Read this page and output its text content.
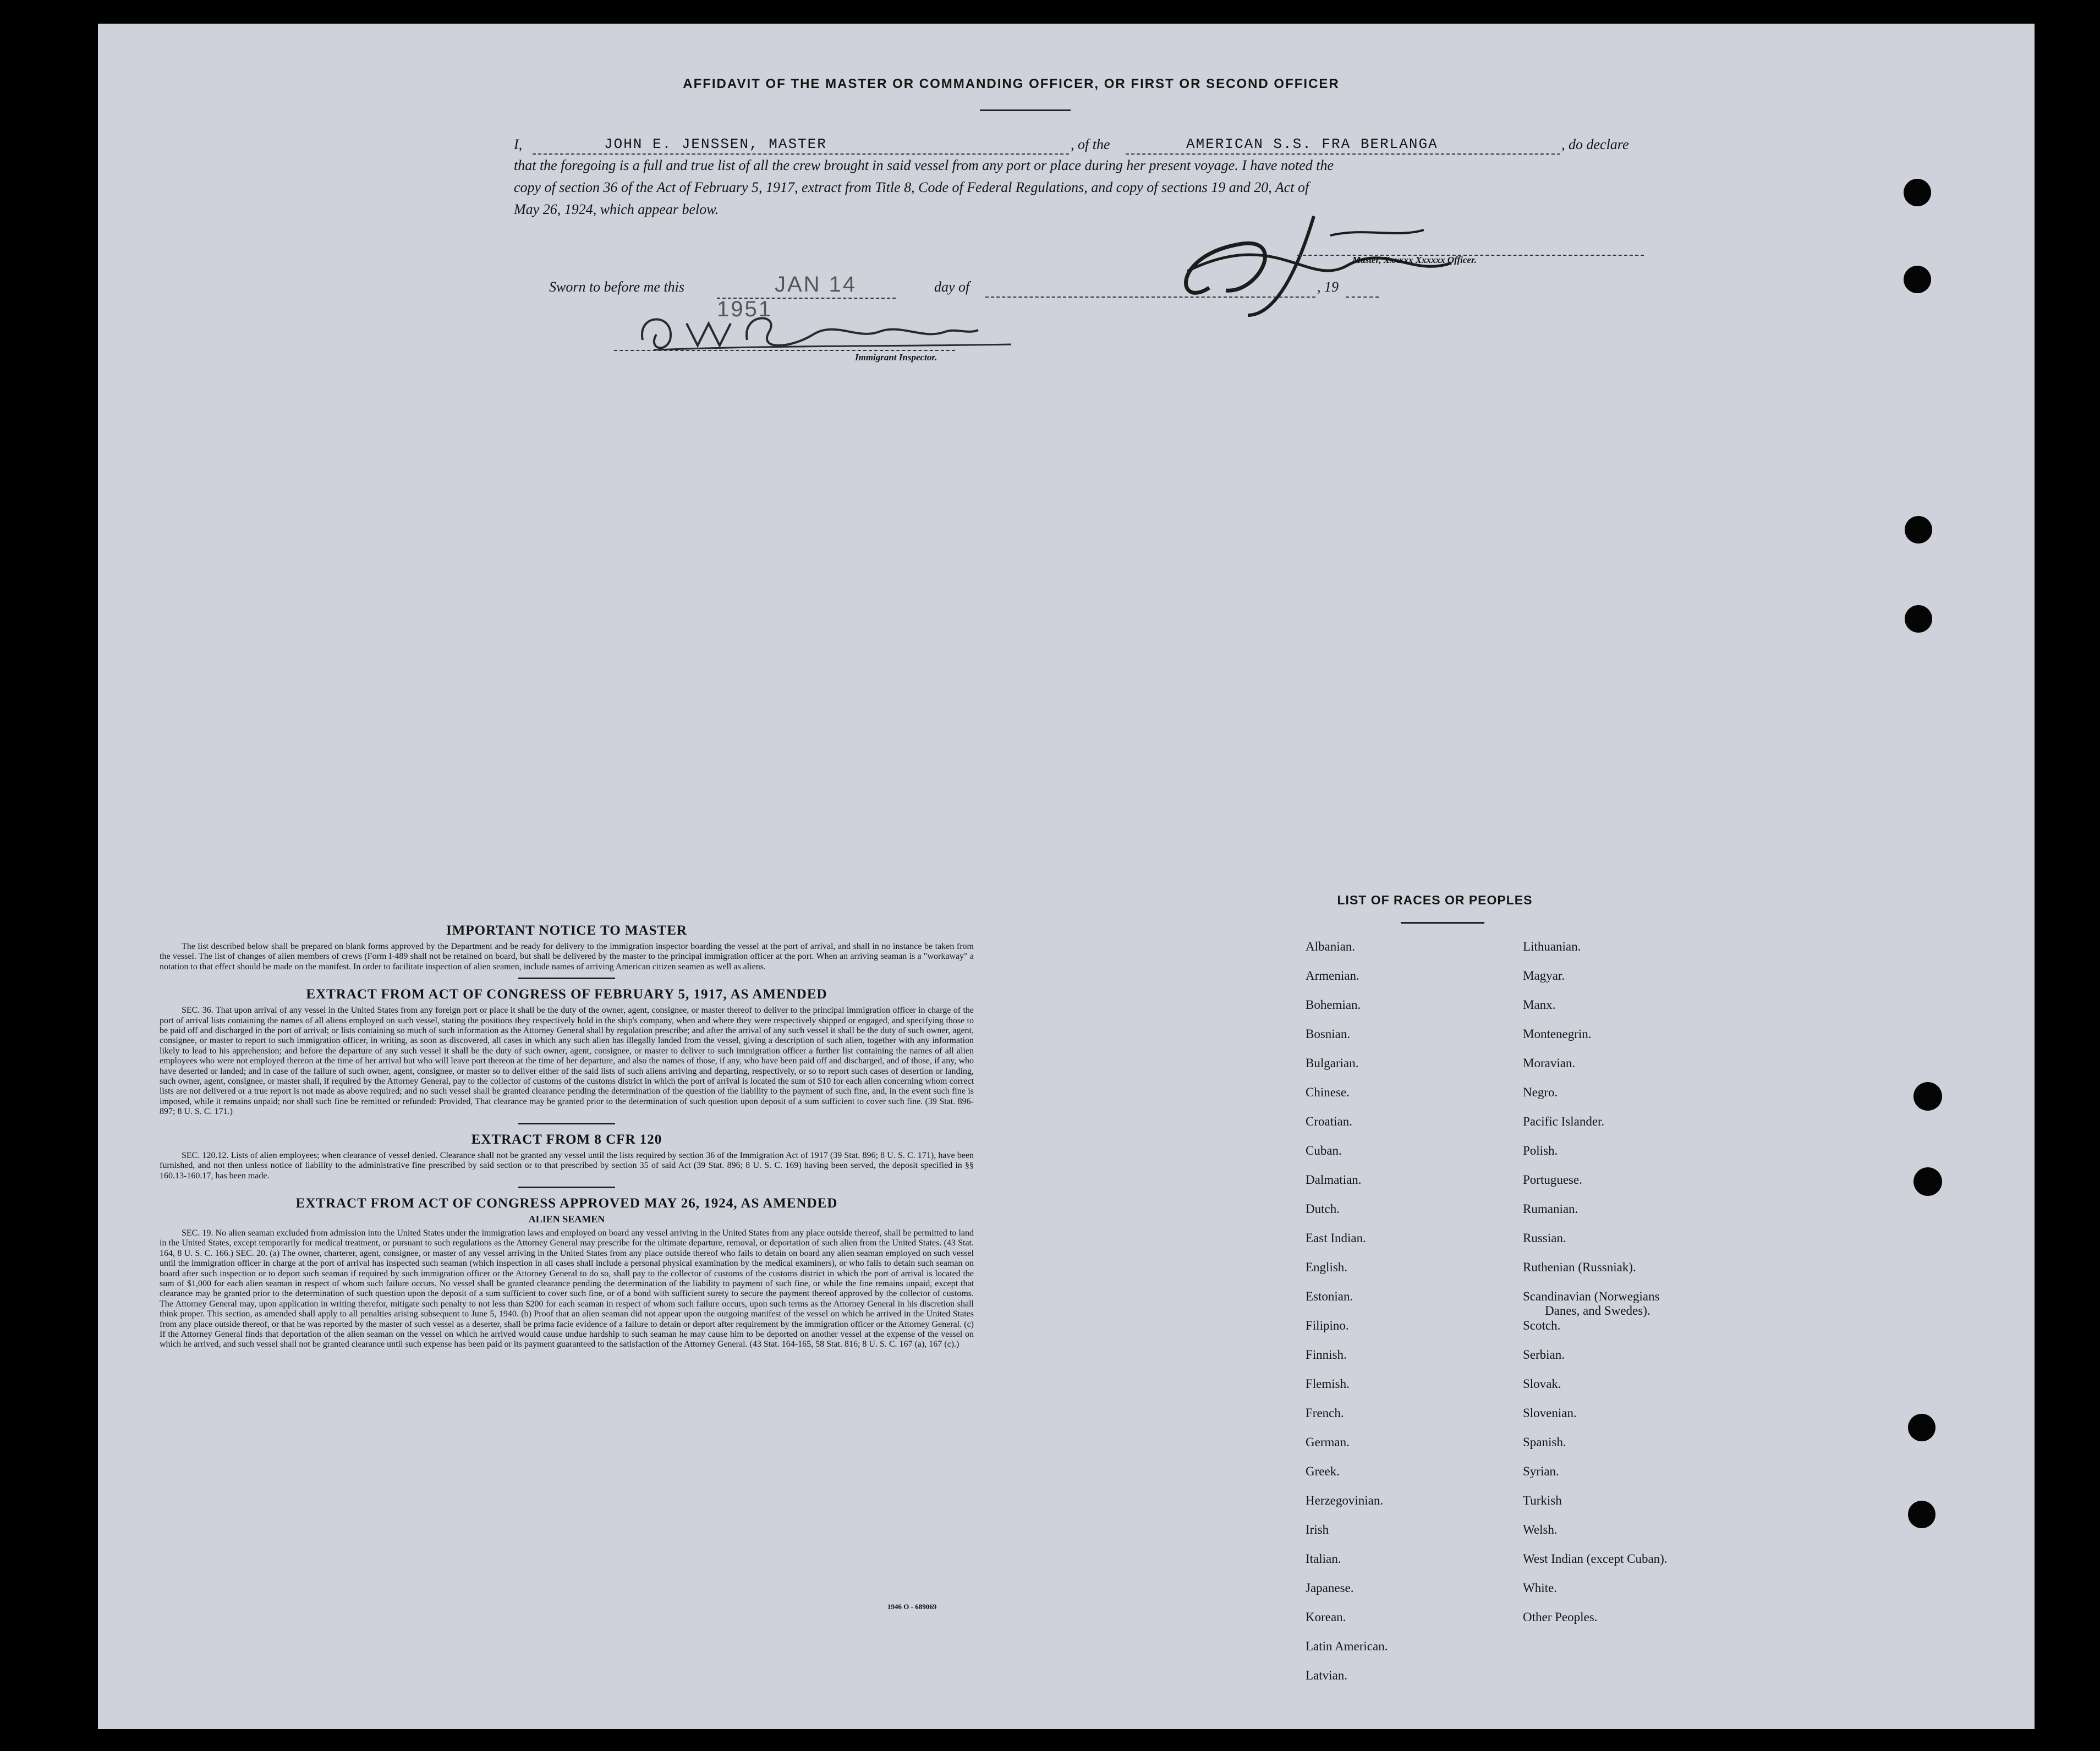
AFFIDAVIT OF THE MASTER OR COMMANDING OFFICER, OR FIRST OR SECOND OFFICER
I,	JOHN E. JENSSEN, MASTER	, of the	AMERICAN S.S. FRA BERLANGA	, do declare
that the foregoing is a full and true list of all the crew brought in said vessel from any port or place during her present voyage. I have noted the
copy of section 36 of the Act of February 5, 1917, extract from Title 8, Code of Federal Regulations, and copy of sections 19 and 20, Act of
May 26, 1924, which appear below.
Master, Xxxxxx Xxxxxx Officer.
Sworn to before me this	JAN 14 1951
day of	, 19
Immigrant Inspector.
IMPORTANT NOTICE TO MASTER
The list described below shall be prepared on blank forms approved by the Department and be ready for delivery to the immigration inspector boarding the vessel at the port of arrival, and shall in no instance be taken from the vessel. The list of changes of alien members of crews (Form I-489 shall not be retained on board, but shall be delivered by the master to the principal immigration officer at the port. When an arriving seaman is a "workaway" a notation to that effect should be made on the manifest. In order to facilitate inspection of alien seamen, include names of arriving American citizen seamen as well as aliens.
EXTRACT FROM ACT OF CONGRESS OF FEBRUARY 5, 1917, AS AMENDED
SEC. 36. That upon arrival of any vessel in the United States from any foreign port or place it shall be the duty of the owner, agent, consignee, or master thereof to deliver to the principal immigration officer in charge of the port of arrival lists containing the names of all aliens employed on such vessel, stating the positions they respectively hold in the ship's company, when and where they were respectively shipped or engaged, and specifying those to be paid off and discharged in the port of arrival; or lists containing so much of such information as the Attorney General shall by regulation prescribe; and after the arrival of any such vessel it shall be the duty of such owner, agent, consignee, or master to report to such immigration officer, in writing, as soon as discovered, all cases in which any such alien has illegally landed from the vessel, giving a description of such alien, together with any information likely to lead to his apprehension; and before the departure of any such vessel it shall be the duty of such owner, agent, consignee, or master to deliver to such immigration officer a further list containing the names of all alien employees who were not employed thereon at the time of her arrival but who will leave port thereon at the time of her departure, and also the names of those, if any, who have been paid off and discharged, and of those, if any, who have deserted or landed; and in case of the failure of such owner, agent, consignee, or master so to deliver either of the said lists of such aliens arriving and departing, respectively, or so to report such cases of desertion or landing, such owner, agent, consignee, or master shall, if required by the Attorney General, pay to the collector of customs of the customs district in which the port of arrival is located the sum of $10 for each alien concerning whom correct lists are not delivered or a true report is not made as above required; and no such vessel shall be granted clearance pending the determination of the question of the liability to the payment of such fine, and, in the event such fine is imposed, while it remains unpaid; nor shall such fine be remitted or refunded: Provided, That clearance may be granted prior to the determination of such question upon deposit of a sum sufficient to cover such fine. (39 Stat. 896-897; 8 U. S. C. 171.)
EXTRACT FROM 8 CFR 120
SEC. 120.12. Lists of alien employees; when clearance of vessel denied. Clearance shall not be granted any vessel until the lists required by section 36 of the Immigration Act of 1917 (39 Stat. 896; 8 U. S. C. 171), have been furnished, and not then unless notice of liability to the administrative fine prescribed by said section or to that prescribed by section 35 of said Act (39 Stat. 896; 8 U. S. C. 169) having been served, the deposit specified in §§ 160.13-160.17, has been made.
EXTRACT FROM ACT OF CONGRESS APPROVED MAY 26, 1924, AS AMENDED
ALIEN SEAMEN
SEC. 19. No alien seaman excluded from admission into the United States under the immigration laws and employed on board any vessel arriving in the United States from any place outside thereof, shall be permitted to land in the United States, except temporarily for medical treatment, or pursuant to such regulations as the Attorney General may prescribe for the ultimate departure, removal, or deportation of such alien from the United States. (43 Stat. 164, 8 U. S. C. 166.) SEC. 20. (a) The owner, charterer, agent, consignee, or master of any vessel arriving in the United States from any place outside thereof who fails to detain on board any alien seaman employed on such vessel until the immigration officer in charge at the port of arrival has inspected such seaman (which inspection in all cases shall include a personal physical examination by the medical examiners), or who fails to detain such seaman on board after such inspection or to deport such seaman if required by such immigration officer or the Attorney General to do so, shall pay to the collector of customs of the customs district in which the port of arrival is located the sum of $1,000 for each alien seaman in respect of whom such failure occurs. No vessel shall be granted clearance pending the determination of the liability to payment of such fine, or while the fine remains unpaid, except that clearance may be granted prior to the determination of such question upon the deposit of a sum sufficient to cover such fine, or of a bond with sufficient surety to secure the payment thereof approved by the collector of customs. The Attorney General may, upon application in writing therefor, mitigate such penalty to not less than $200 for each seaman in respect of whom such failure occurs, upon such terms as the Attorney General in his discretion shall think proper. This section, as amended shall apply to all penalties arising subsequent to June 5, 1940. (b) Proof that an alien seaman did not appear upon the outgoing manifest of the vessel on which he arrived in the United States from any place outside thereof, or that he was reported by the master of such vessel as a deserter, shall be prima facie evidence of a failure to detain or deport after requirement by the immigration officer or the Attorney General. (c) If the Attorney General finds that deportation of the alien seaman on the vessel on which he arrived would cause undue hardship to such seaman he may cause him to be deported on another vessel at the expense of the vessel on which he arrived, and such vessel shall not be granted clearance until such expense has been paid or its payment guaranteed to the satisfaction of the Attorney General. (43 Stat. 164-165, 58 Stat. 816; 8 U. S. C. 167 (a), 167 (c).)
1946 O - 689069
LIST OF RACES OR PEOPLES
Albanian.
Armenian.
Bohemian.
Bosnian.
Bulgarian.
Chinese.
Croatian.
Cuban.
Dalmatian.
Dutch.
East Indian.
English.
Estonian.
Filipino.
Finnish.
Flemish.
French.
German.
Greek.
Herzegovinian.
Irish
Italian.
Japanese.
Korean.
Latin American.
Latvian.
Lithuanian.
Magyar.
Manx.
Montenegrin.
Moravian.
Negro.
Pacific Islander.
Polish.
Portuguese.
Rumanian.
Russian.
Ruthenian (Russniak).
Scandinavian (Norwegians
Danes, and Swedes).
Scotch.
Serbian.
Slovak.
Slovenian.
Spanish.
Syrian.
Turkish
Welsh.
West Indian (except Cuban).
White.
Other Peoples.
